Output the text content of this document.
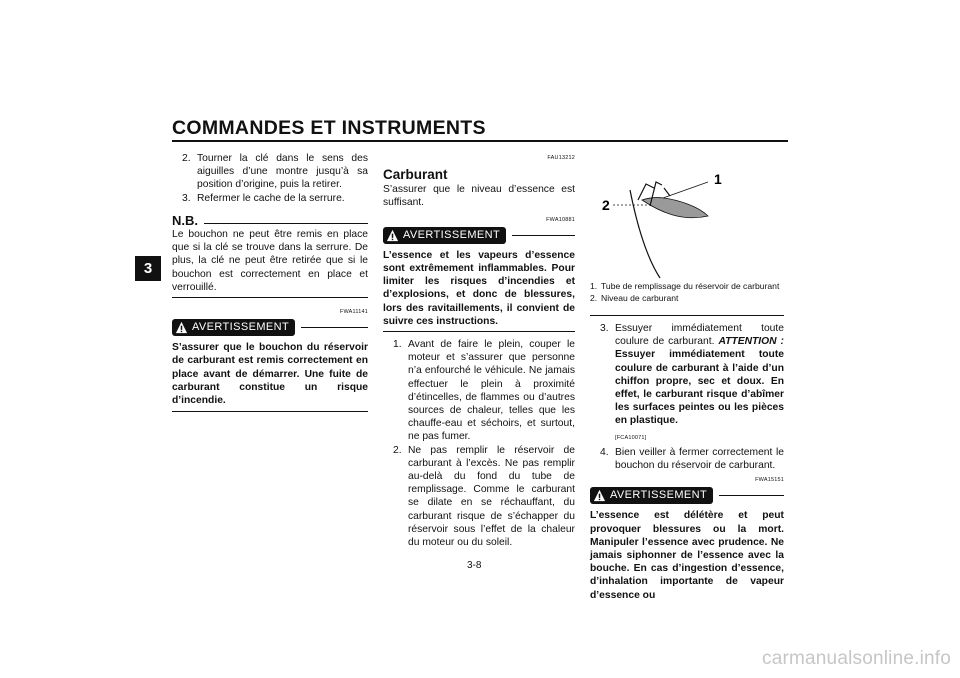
COMMANDES ET INSTRUMENTS
3
2. Tourner la clé dans le sens des aiguilles d’une montre jusqu’à sa position d’origine, puis la retirer.
3. Refermer le cache de la serrure.
N.B.
Le bouchon ne peut être remis en place que si la clé se trouve dans la serrure. De plus, la clé ne peut être retirée que si le bouchon est correctement en place et verrouillé.
FWA11141
AVERTISSEMENT
S’assurer que le bouchon du réservoir de carburant est remis correctement en place avant de démarrer. Une fuite de carburant constitue un risque d’incendie.
FAU13212
Carburant
S’assurer que le niveau d’essence est suffisant.
FWA10881
AVERTISSEMENT
L’essence et les vapeurs d’essence sont extrêmement inflammables. Pour limiter les risques d’incendies et d’explosions, et donc de blessures, lors des ravitaillements, il convient de suivre ces instructions.
1. Avant de faire le plein, couper le moteur et s’assurer que personne n’a enfourché le véhicule. Ne jamais effectuer le plein à proximité d’étincelles, de flammes ou d’autres sources de chaleur, telles que les chauffe-eau et séchoirs, et surtout, ne pas fumer.
2. Ne pas remplir le réservoir de carburant à l’excès. Ne pas remplir au-delà du fond du tube de remplissage. Comme le carburant se dilate en se réchauffant, du carburant risque de s’échapper du réservoir sous l’effet de la chaleur du moteur ou du soleil.
1
2
1. Tube de remplissage du réservoir de carburant
2. Niveau de carburant
3. Essuyer immédiatement toute coulure de carburant. ATTENTION : Essuyer immédiatement toute coulure de carburant à l’aide d’un chiffon propre, sec et doux. En effet, le carburant risque d’abîmer les surfaces peintes ou les pièces en plastique.
[FCA10071]
4. Bien veiller à fermer correctement le bouchon du réservoir de carburant.
FWA15151
AVERTISSEMENT
L’essence est délétère et peut provoquer blessures ou la mort. Manipuler l’essence avec prudence. Ne jamais siphonner de l’essence avec la bouche. En cas d’ingestion d’essence, d’inhalation importante de vapeur d’essence ou
3-8
carmanualsonline.info
